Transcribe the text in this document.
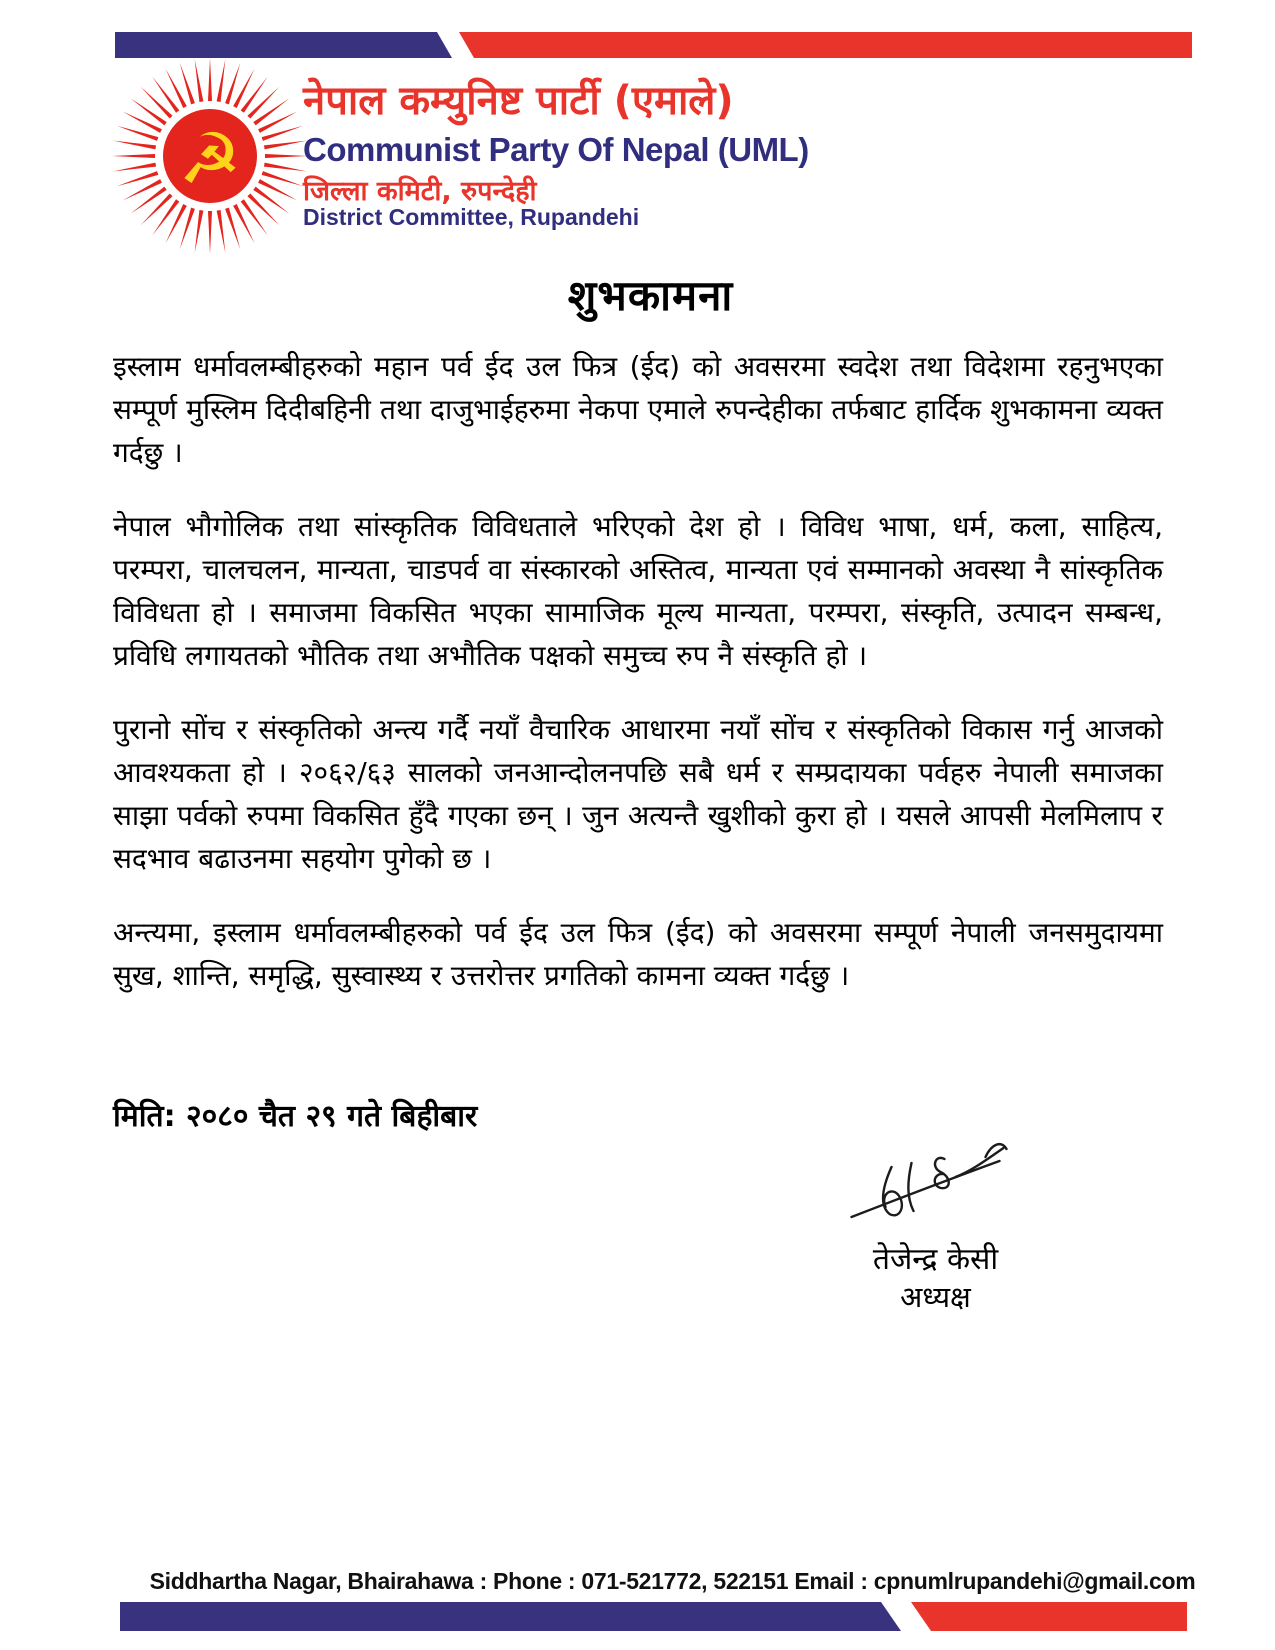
☭
नेपाल कम्युनिष्ट पार्टी (एमाले)
Communist Party Of Nepal (UML)
जिल्ला कमिटी, रुपन्देही
District Committee, Rupandehi
शुभकामना

इस्लाम धर्मावलम्बीहरुको महान पर्व ईद उल फित्र (ईद) को अवसरमा स्वदेश तथा विदेशमा रहनुभएका सम्पूर्ण मुस्लिम दिदीबहिनी तथा दाजुभाईहरुमा नेकपा एमाले रुपन्देहीका तर्फबाट हार्दिक शुभकामना व्यक्त गर्दछु ।

नेपाल भौगोलिक तथा सांस्कृतिक विविधताले भरिएको देश हो । विविध भाषा, धर्म, कला, साहित्य, परम्परा, चालचलन, मान्यता, चाडपर्व वा संस्कारको अस्तित्व, मान्यता एवं सम्मानको अवस्था नै सांस्कृतिक विविधता हो । समाजमा विकसित भएका सामाजिक मूल्य मान्यता, परम्परा, संस्कृति, उत्पादन सम्बन्ध, प्रविधि लगायतको भौतिक तथा अभौतिक पक्षको समुच्च रुप नै संस्कृति हो ।

पुरानो सोंच र संस्कृतिको अन्त्य गर्दै नयाँ वैचारिक आधारमा नयाँ सोंच र संस्कृतिको विकास गर्नु आजको आवश्यकता हो । २०६२/६३ सालको जनआन्दोलनपछि सबै धर्म र सम्प्रदायका पर्वहरु नेपाली समाजका साझा पर्वको रुपमा विकसित हुँदै गएका छन् । जुन अत्यन्तै खुशीको कुरा हो । यसले आपसी मेलमिलाप र सदभाव बढाउनमा सहयोग पुगेको छ ।

अन्त्यमा, इस्लाम धर्मावलम्बीहरुको पर्व ईद उल फित्र (ईद) को अवसरमा सम्पूर्ण नेपाली जनसमुदायमा सुख, शान्ति, समृद्धि, सुस्वास्थ्य र उत्तरोत्तर प्रगतिको कामना व्यक्त गर्दछु ।

मिति: २०८० चैत २९ गते बिहीबार
तेजेन्द्र केसी
अध्यक्ष
Siddhartha Nagar, Bhairahawa : Phone : 071-521772, 522151 Email : cpnumlrupandehi@gmail.com
